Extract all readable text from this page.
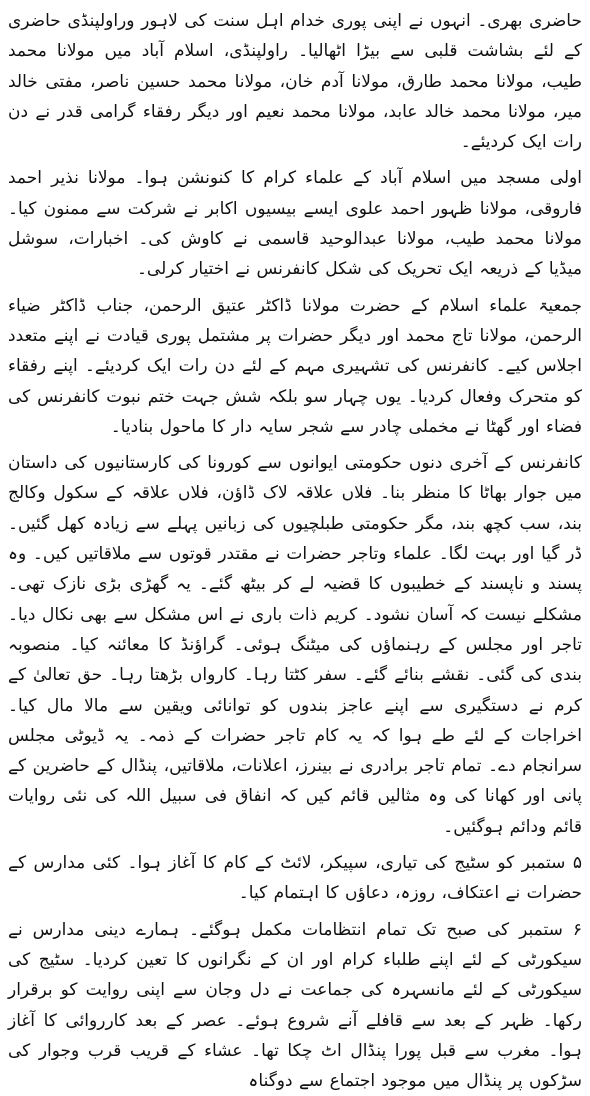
حاضری بھری۔ انہوں نے اپنی پوری خدام اہل سنت کی لاہور وراولپنڈی حاضری کے لئے بشاشت قلبی سے بیڑا اٹھالیا۔ راولپنڈی، اسلام آباد میں مولانا محمد طیب، مولانا محمد طارق، مولانا آدم خان، مولانا محمد حسین ناصر، مفتی خالد میر، مولانا محمد خالد عابد، مولانا محمد نعیم اور دیگر رفقاء گرامی قدر نے دن رات ایک کردیئے۔

اولی مسجد میں اسلام آباد کے علماء کرام کا کنونشن ہوا۔ مولانا نذیر احمد فاروقی، مولانا ظہور احمد علوی ایسے بیسیوں اکابر نے شرکت سے ممنون کیا۔ مولانا محمد طیب، مولانا عبدالوحید قاسمی نے کاوش کی۔ اخبارات، سوشل میڈیا کے ذریعہ ایک تحریک کی شکل کانفرنس نے اختیار کرلی۔

جمعیۃ علماء اسلام کے حضرت مولانا ڈاکٹر عتیق الرحمن، جناب ڈاکٹر ضیاء الرحمن، مولانا تاج محمد اور دیگر حضرات پر مشتمل پوری قیادت نے اپنے متعدد اجلاس کیے۔ کانفرنس کی تشہیری مہم کے لئے دن رات ایک کردیئے۔ اپنے رفقاء کو متحرک وفعال کردیا۔ یوں چہار سو بلکہ شش جہت ختم نبوت کانفرنس کی فضاء اور گھٹا نے مخملی چادر سے شجر سایہ دار کا ماحول بنادیا۔

کانفرنس کے آخری دنوں حکومتی ایوانوں سے کورونا کی کارستانیوں کی داستان میں جوار بھاٹا کا منظر بنا۔ فلاں علاقہ لاک ڈاؤن، فلاں علاقہ کے سکول وکالج بند، سب کچھ بند، مگر حکومتی طبلچیوں کی زبانیں پہلے سے زیادہ کھل گئیں۔ ڈر گیا اور بہت لگا۔ علماء وتاجر حضرات نے مقتدر قوتوں سے ملاقاتیں کیں۔ وہ پسند و ناپسند کے خطیبوں کا قضیہ لے کر بیٹھ گئے۔ یہ گھڑی بڑی نازک تھی۔ مشکلے نیست کہ آسان نشود۔ کریم ذات باری نے اس مشکل سے بھی نکال دیا۔ تاجر اور مجلس کے رہنماؤں کی میٹنگ ہوئی۔ گراؤنڈ کا معائنہ کیا۔ منصوبہ بندی کی گئی۔ نقشے بنائے گئے۔ سفر کٹتا رہا۔ کارواں بڑھتا رہا۔ حق تعالیٰ کے کرم نے دستگیری سے اپنے عاجز بندوں کو توانائی ویقین سے مالا مال کیا۔ اخراجات کے لئے طے ہوا کہ یہ کام تاجر حضرات کے ذمہ۔ یہ ڈیوٹی مجلس سرانجام دے۔ تمام تاجر برادری نے بینرز، اعلانات، ملاقاتیں، پنڈال کے حاضرین کے پانی اور کھانا کی وہ مثالیں قائم کیں کہ انفاق فی سبیل اللہ کی نئی روایات قائم ودائم ہوگئیں۔

۵ ستمبر کو سٹیج کی تیاری، سپیکر، لائٹ کے کام کا آغاز ہوا۔ کئی مدارس کے حضرات نے اعتکاف، روزہ، دعاؤں کا اہتمام کیا۔

۶ ستمبر کی صبح تک تمام انتظامات مکمل ہوگئے۔ ہمارے دینی مدارس نے سیکورٹی کے لئے اپنے طلباء کرام اور ان کے نگرانوں کا تعین کردیا۔ سٹیج کی سیکورٹی کے لئے مانسہرہ کی جماعت نے دل وجان سے اپنی روایت کو برقرار رکھا۔ ظہر کے بعد سے قافلے آنے شروع ہوئے۔ عصر کے بعد کارروائی کا آغاز ہوا۔ مغرب سے قبل پورا پنڈال اٹ چکا تھا۔ عشاء کے قریب قرب وجوار کی سڑکوں پر پنڈال میں موجود اجتماع سے دوگناہ
